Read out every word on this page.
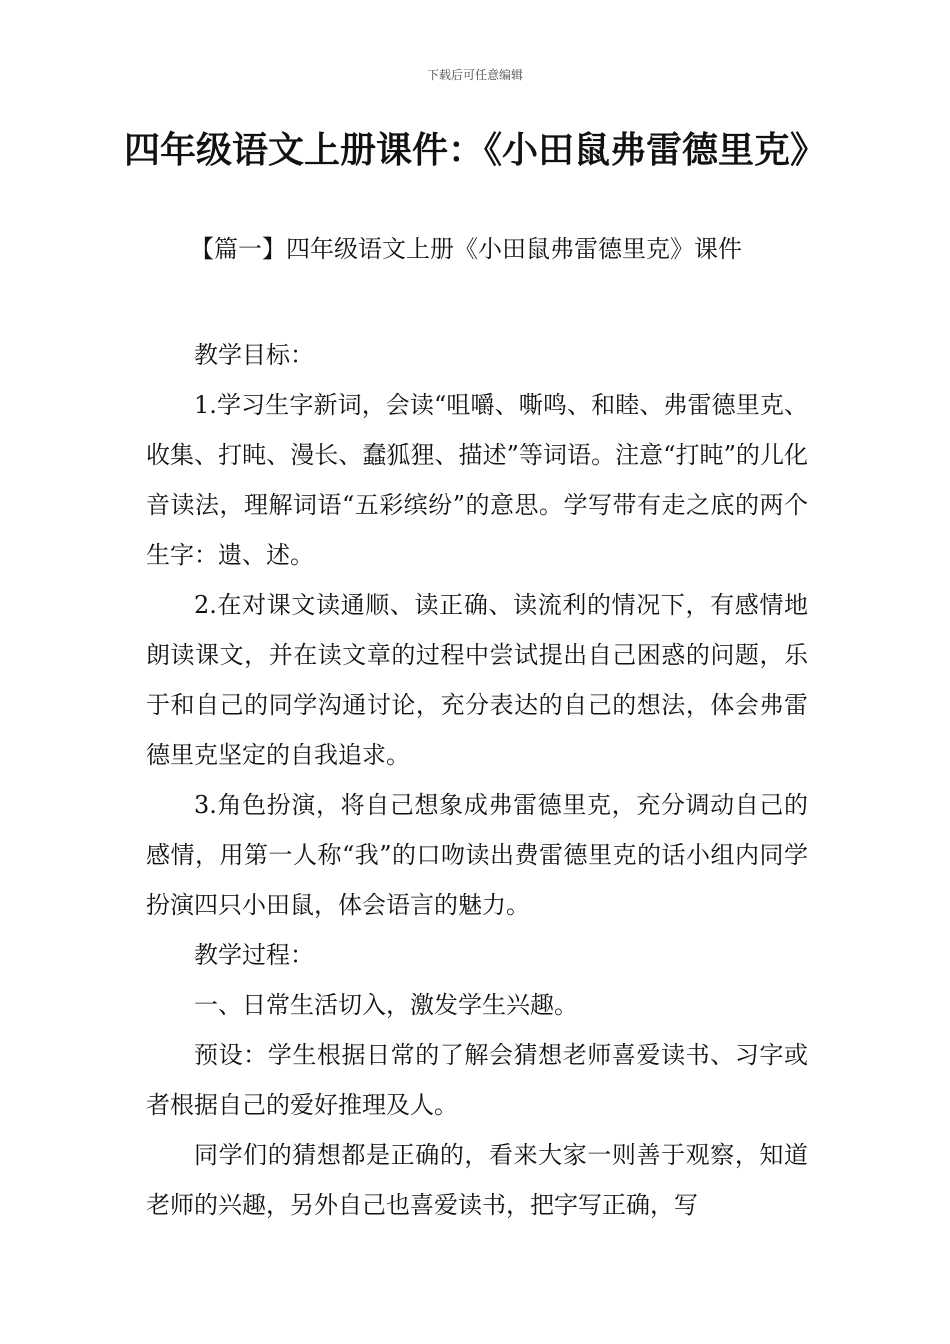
下载后可任意编辑
四年级语文上册课件：《小田鼠弗雷德里克》

【篇一】四年级语文上册《小田鼠弗雷德里克》课件

教学目标：

1.学习生字新词，会读“咀嚼、嘶鸣、和睦、弗雷德里克、收集、打盹、漫长、蠢狐狸、描述”等词语。注意“打盹”的儿化音读法，理解词语“五彩缤纷”的意思。学写带有走之底的两个生字：遗、述。

2.在对课文读通顺、读正确、读流利的情况下，有感情地朗读课文，并在读文章的过程中尝试提出自己困惑的问题，乐于和自己的同学沟通讨论，充分表达的自己的想法，体会弗雷德里克坚定的自我追求。

3.角色扮演，将自己想象成弗雷德里克，充分调动自己的感情，用第一人称“我”的口吻读出费雷德里克的话小组内同学扮演四只小田鼠，体会语言的魅力。

教学过程：

一、日常生活切入，激发学生兴趣。

预设：学生根据日常的了解会猜想老师喜爱读书、习字或者根据自己的爱好推理及人。

同学们的猜想都是正确的，看来大家一则善于观察，知道老师的兴趣，另外自己也喜爱读书，把字写正确，写
